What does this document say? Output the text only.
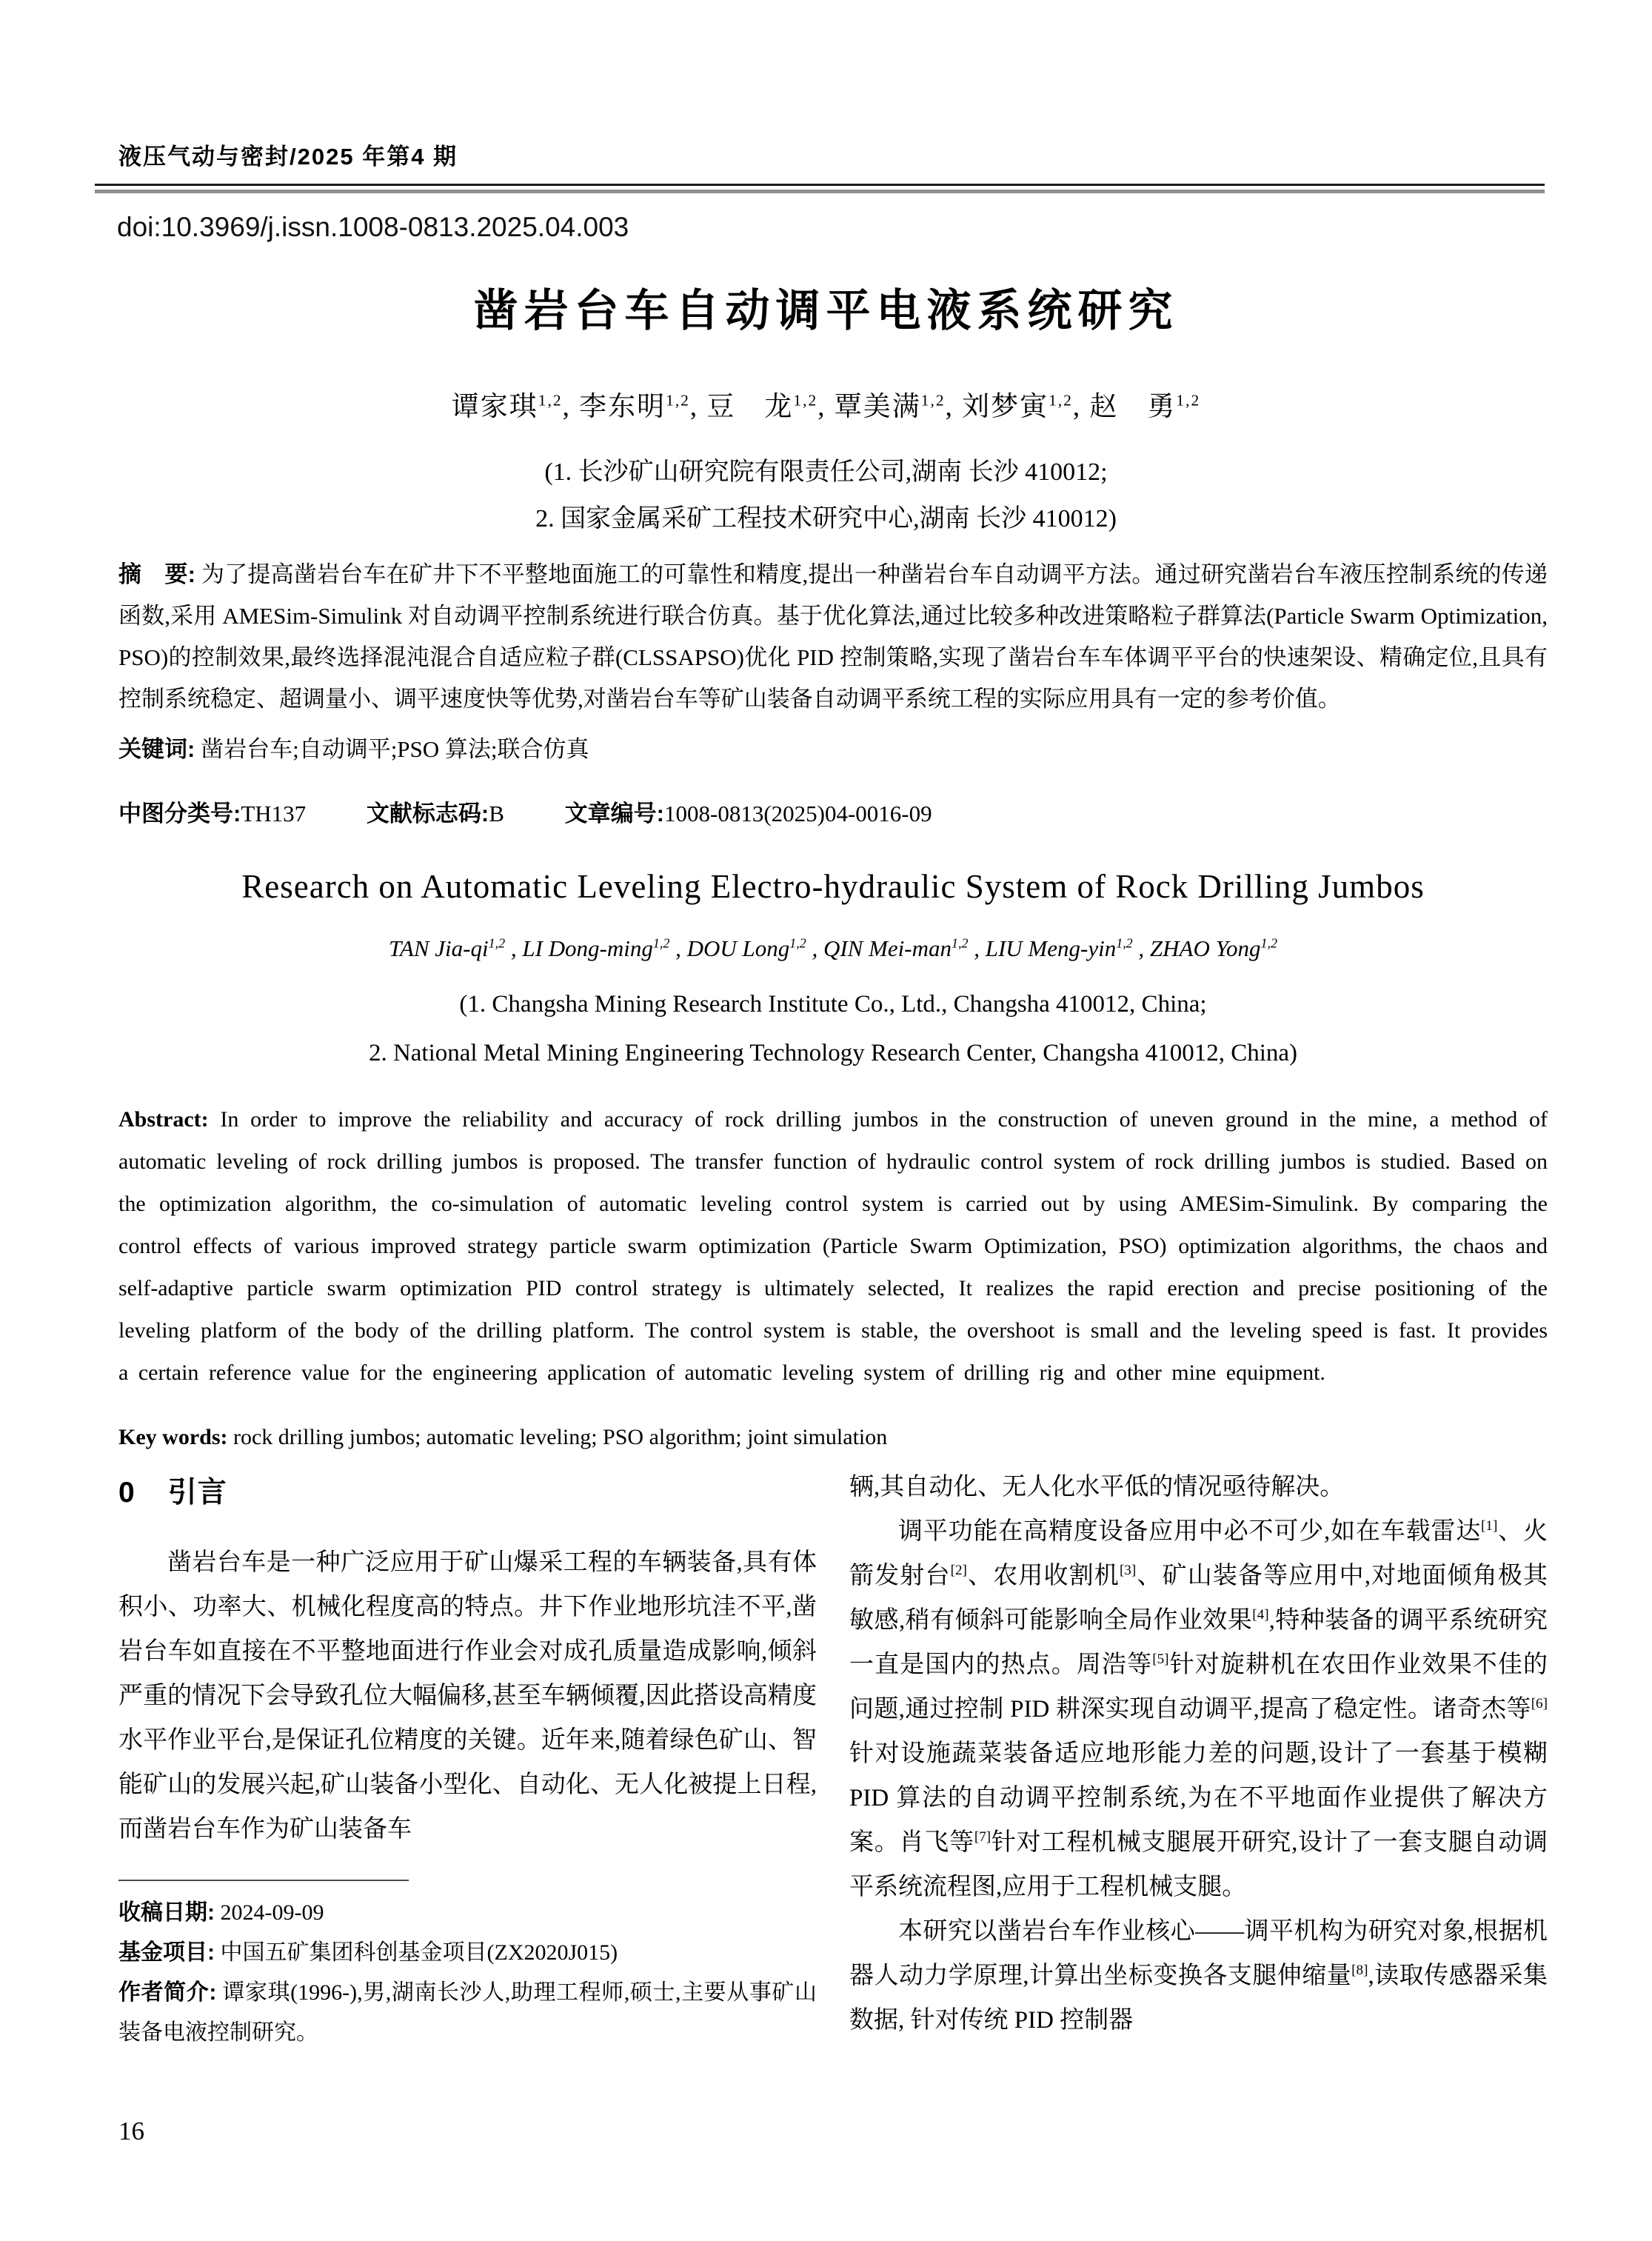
液压气动与密封/2025 年第4 期
doi:10.3969/j.issn.1008-0813.2025.04.003
凿岩台车自动调平电液系统研究
谭家琪$^{1,2}$, 李东明$^{1,2}$, 豆　龙$^{1,2}$, 覃美满$^{1,2}$, 刘梦寅$^{1,2}$, 赵　勇$^{1,2}$
(1. 长沙矿山研究院有限责任公司,湖南 长沙 410012;
2. 国家金属采矿工程技术研究中心,湖南 长沙 410012)

摘　要: 为了提高凿岩台车在矿井下不平整地面施工的可靠性和精度,提出一种凿岩台车自动调平方法。通过研究凿岩台车液压控制系统的传递函数,采用 AMESim-Simulink 对自动调平控制系统进行联合仿真。基于优化算法,通过比较多种改进策略粒子群算法(Particle Swarm Optimization, PSO)的控制效果,最终选择混沌混合自适应粒子群(CLSSAPSO)优化 PID 控制策略,实现了凿岩台车车体调平平台的快速架设、精确定位,且具有控制系统稳定、超调量小、调平速度快等优势,对凿岩台车等矿山装备自动调平系统工程的实际应用具有一定的参考价值。

关键词: 凿岩台车;自动调平;PSO 算法;联合仿真

中图分类号:TH137	文献标志码:B	文章编号:1008-0813(2025)04-0016-09

Research on Automatic Leveling Electro-hydraulic System of Rock Drilling Jumbos
TAN Jia-qi$^{1,2}$ , LI Dong-ming$^{1,2}$ , DOU Long$^{1,2}$ , QIN Mei-man$^{1,2}$ , LIU Meng-yin$^{1,2}$ , ZHAO Yong$^{1,2}$
(1. Changsha Mining Research Institute Co., Ltd., Changsha 410012, China;
2. National Metal Mining Engineering Technology Research Center, Changsha 410012, China)

Abstract: In order to improve the reliability and accuracy of rock drilling jumbos in the construction of uneven ground in the mine, a method of automatic leveling of rock drilling jumbos is proposed. The transfer function of hydraulic control system of rock drilling jumbos is studied. Based on the optimization algorithm, the co-simulation of automatic leveling control system is carried out by using AMESim-Simulink. By comparing the control effects of various improved strategy particle swarm optimization (Particle Swarm Optimization, PSO) optimization algorithms, the chaos and self-adaptive particle swarm optimization PID control strategy is ultimately selected, It realizes the rapid erection and precise positioning of the leveling platform of the body of the drilling platform. The control system is stable, the overshoot is small and the leveling speed is fast. It provides a certain reference value for the engineering application of automatic leveling system of drilling rig and other mine equipment.

Key words: rock drilling jumbos; automatic leveling; PSO algorithm; joint simulation

0 引言

凿岩台车是一种广泛应用于矿山爆采工程的车辆装备,具有体积小、功率大、机械化程度高的特点。井下作业地形坑洼不平,凿岩台车如直接在不平整地面进行作业会对成孔质量造成影响,倾斜严重的情况下会导致孔位大幅偏移,甚至车辆倾覆,因此搭设高精度水平作业平台,是保证孔位精度的关键。近年来,随着绿色矿山、智能矿山的发展兴起,矿山装备小型化、自动化、无人化被提上日程,而凿岩台车作为矿山装备车

收稿日期: 2024-09-09
基金项目: 中国五矿集团科创基金项目(ZX2020J015)
作者简介: 谭家琪(1996-),男,湖南长沙人,助理工程师,硕士,主要从事矿山装备电液控制研究。

辆,其自动化、无人化水平低的情况亟待解决。

调平功能在高精度设备应用中必不可少,如在车载雷达[1]、火箭发射台[2]、农用收割机[3]、矿山装备等应用中,对地面倾角极其敏感,稍有倾斜可能影响全局作业效果[4],特种装备的调平系统研究一直是国内的热点。周浩等[5]针对旋耕机在农田作业效果不佳的问题,通过控制 PID 耕深实现自动调平,提高了稳定性。诸奇杰等[6]针对设施蔬菜装备适应地形能力差的问题,设计了一套基于模糊 PID 算法的自动调平控制系统,为在不平地面作业提供了解决方案。肖飞等[7]针对工程机械支腿展开研究,设计了一套支腿自动调平系统流程图,应用于工程机械支腿。

本研究以凿岩台车作业核心——调平机构为研究对象,根据机器人动力学原理,计算出坐标变换各支腿伸缩量[8],读取传感器采集数据, 针对传统 PID 控制器

16
